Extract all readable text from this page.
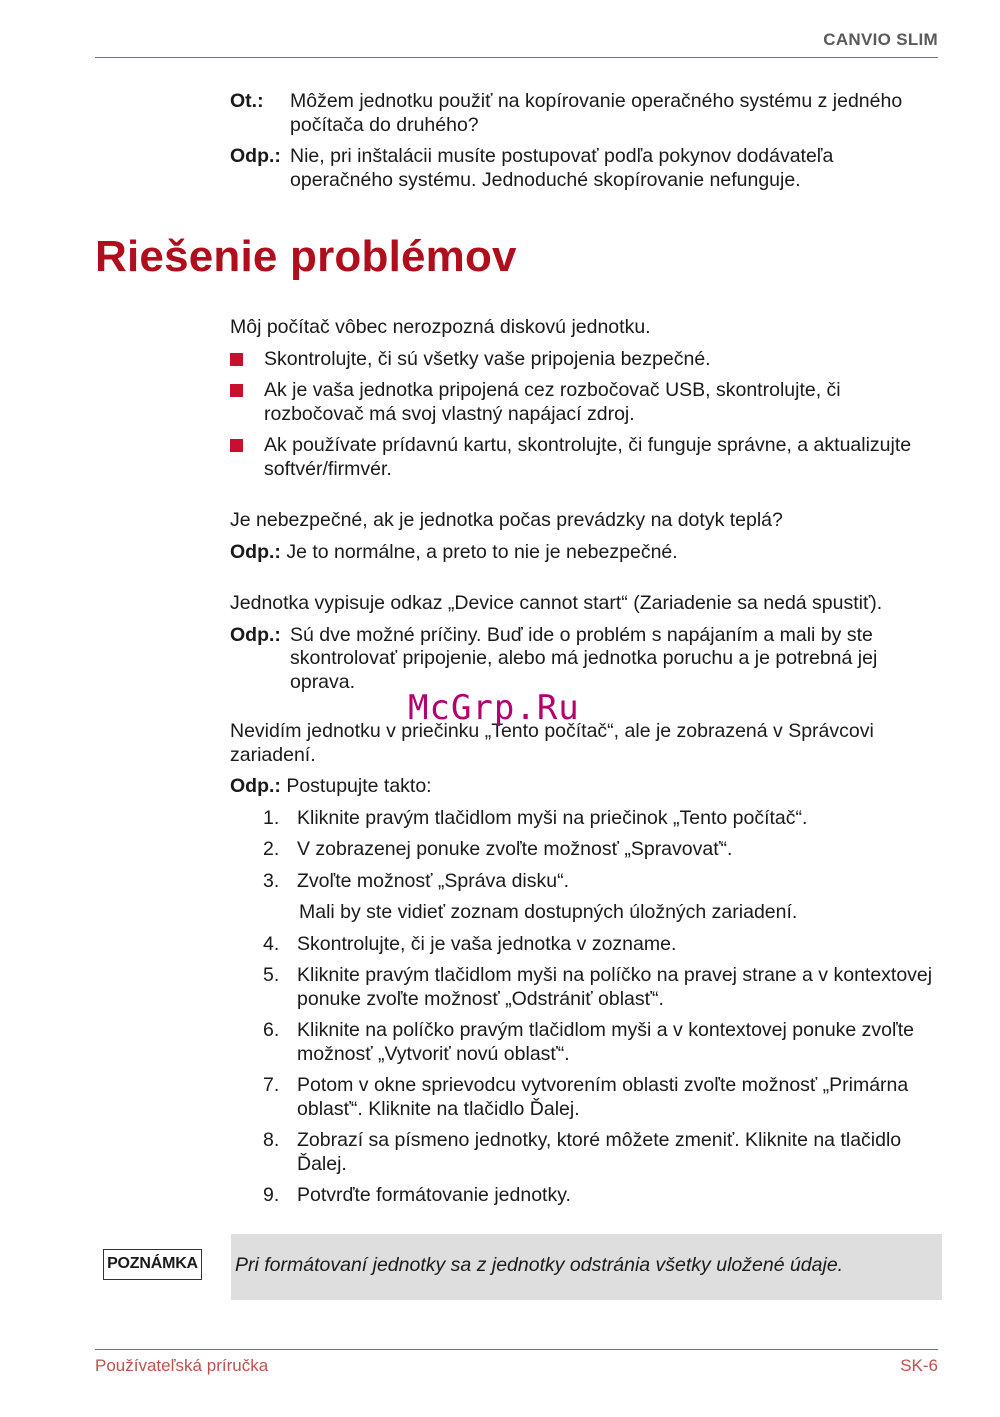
CANVIO SLIM
Ot.:	Môžem jednotku použiť na kopírovanie operačného systému z jedného počítača do druhého?
Odp.: Nie, pri inštalácii musíte postupovať podľa pokynov dodávateľa operačného systému. Jednoduché skopírovanie nefunguje.
Riešenie problémov

Môj počítač vôbec nerozpozná diskovú jednotku.

Skontrolujte, či sú všetky vaše pripojenia bezpečné.
Ak je vaša jednotka pripojená cez rozbočovač USB, skontrolujte, či rozbočovač má svoj vlastný napájací zdroj.
Ak používate prídavnú kartu, skontrolujte, či funguje správne, a aktualizujte softvér/firmvér.

Je nebezpečné, ak je jednotka počas prevádzky na dotyk teplá?

Odp.: Je to normálne, a preto to nie je nebezpečné.

Jednotka vypisuje odkaz „Device cannot start“ (Zariadenie sa nedá spustiť).

Odp.: Sú dve možné príčiny. Buď ide o problém s napájaním a mali by ste skontrolovať pripojenie, alebo má jednotka poruchu a je potrebná jej oprava.

Nevidím jednotku v priečinku „Tento počítač“, ale je zobrazená v Správcovi zariadení.

Odp.: Postupujte takto:

1. Kliknite pravým tlačidlom myši na priečinok „Tento počítač“.
2. V zobrazenej ponuke zvoľte možnosť „Spravovať“.
3. Zvoľte možnosť „Správa disku“.
Mali by ste vidieť zoznam dostupných úložných zariadení.
4. Skontrolujte, či je vaša jednotka v zozname.
5. Kliknite pravým tlačidlom myši na políčko na pravej strane a v kontextovej ponuke zvoľte možnosť „Odstrániť oblasť“.
6. Kliknite na políčko pravým tlačidlom myši a v kontextovej ponuke zvoľte možnosť „Vytvoriť novú oblasť“.
7. Potom v okne sprievodcu vytvorením oblasti zvoľte možnosť „Primárna oblasť“. Kliknite na tlačidlo Ďalej.
8. Zobrazí sa písmeno jednotky, ktoré môžete zmeniť. Kliknite na tlačidlo Ďalej.
9. Potvrďte formátovanie jednotky.
McGrp.Ru
POZNÁMKA Pri formátovaní jednotky sa z jednotky odstránia všetky uložené údaje.
Používateľská príručka	SK-6
